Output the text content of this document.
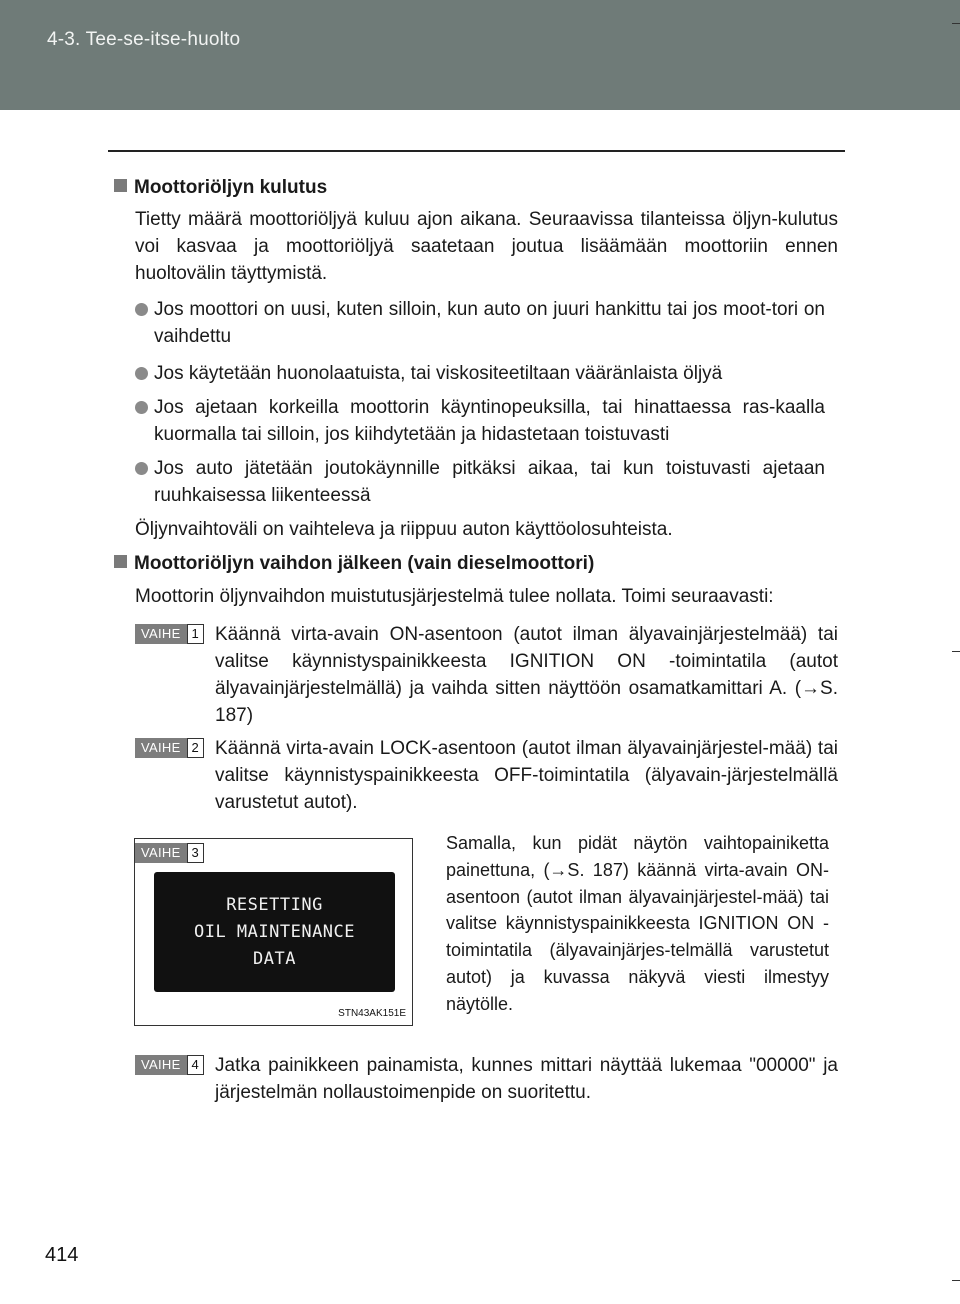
4-3. Tee-se-itse-huolto
Moottoriöljyn kulutus
Tietty määrä moottoriöljyä kuluu ajon aikana. Seuraavissa tilanteissa öljyn-kulutus voi kasvaa ja moottoriöljyä saatetaan joutua lisäämään moottoriin ennen huoltovälin täyttymistä.
Jos moottori on uusi, kuten silloin, kun auto on juuri hankittu tai jos moot-tori on vaihdettu
Jos käytetään huonolaatuista, tai viskositeetiltaan vääränlaista öljyä
Jos ajetaan korkeilla moottorin käyntinopeuksilla, tai hinattaessa ras-kaalla kuormalla tai silloin, jos kiihdytetään ja hidastetaan toistuvasti
Jos auto jätetään joutokäynnille pitkäksi aikaa, tai kun toistuvasti ajetaan ruuhkaisessa liikenteessä
Öljynvaihtoväli on vaihteleva ja riippuu auton käyttöolosuhteista.
Moottoriöljyn vaihdon jälkeen (vain dieselmoottori)
Moottorin öljynvaihdon muistutusjärjestelmä tulee nollata. Toimi seuraavasti:
VAIHE 1 Käännä virta-avain ON-asentoon (autot ilman älyavainjärjestelmää) tai valitse käynnistyspainikkeesta IGNITION ON -toimintatila (autot älyavainjärjestelmällä) ja vaihda sitten näyttöön osamatkamittari A. (→S. 187)
VAIHE 2 Käännä virta-avain LOCK-asentoon (autot ilman älyavainjärjestel-mää) tai valitse käynnistyspainikkeesta OFF-toimintatila (älyavain-järjestelmällä varustetut autot).
VAIHE 3
RESETTING
OIL MAINTENANCE
DATA
STN43AK151E
Samalla, kun pidät näytön vaihtopainiketta painettuna, (→S. 187) käännä virta-avain ON-asentoon (autot ilman älyavainjärjestel-mää) tai valitse käynnistyspainikkeesta IGNITION ON -toimintatila (älyavainjärjes-telmällä varustetut autot) ja kuvassa näkyvä viesti ilmestyy näytölle.
VAIHE 4 Jatka painikkeen painamista, kunnes mittari näyttää lukemaa "00000" ja järjestelmän nollaustoimenpide on suoritettu.
414
